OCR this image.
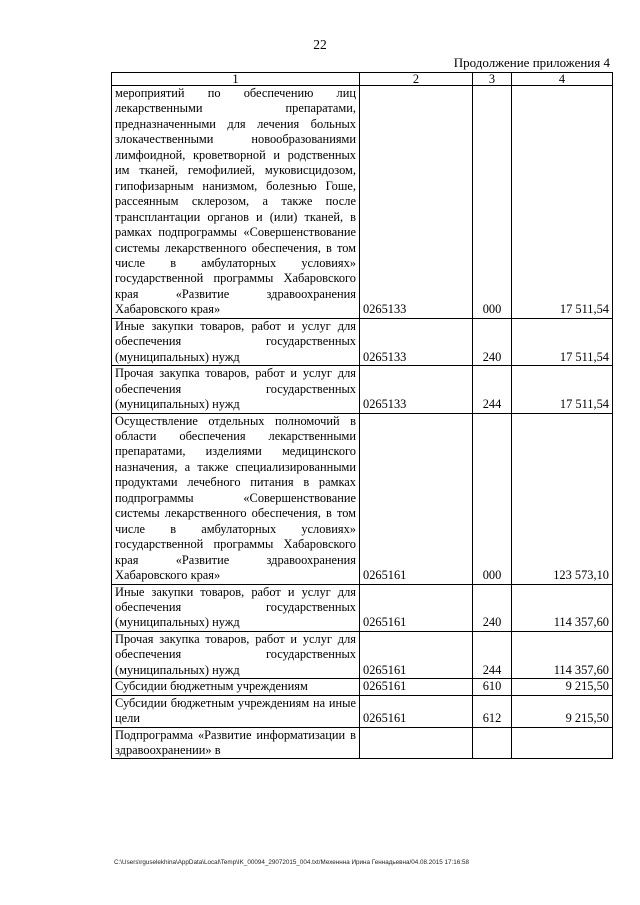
22
Продолжение приложения 4
1	2	3	4
мероприятий по обеспечению лиц лекарственными препаратами, предназначенными для лечения больных злокачественными новообразованиями лимфоидной, кроветворной и родственных им тканей, гемофилией, муковисцидозом, гипофизарным нанизмом, болезнью Гоше, рассеянным склерозом, а также после трансплантации органов и (или) тканей, в рамках подпрограммы «Совершенствование системы лекарственного обеспечения, в том числе в амбулаторных условиях» государственной программы Хабаровского края «Развитие здравоохранения Хабаровского края»	0265133	000	17 511,54
Иные закупки товаров, работ и услуг для обеспечения государственных (муниципальных) нужд	0265133	240	17 511,54
Прочая закупка товаров, работ и услуг для обеспечения государственных (муниципальных) нужд	0265133	244	17 511,54
Осуществление отдельных полномочий в области обеспечения лекарственными препаратами, изделиями медицинского назначения, а также специализированными продуктами лечебного питания в рамках подпрограммы «Совершенствование системы лекарственного обеспечения, в том числе в амбулаторных условиях» государственной программы Хабаровского края «Развитие здравоохранения Хабаровского края»	0265161	000	123 573,10
Иные закупки товаров, работ и услуг для обеспечения государственных (муниципальных) нужд	0265161	240	114 357,60
Прочая закупка товаров, работ и услуг для обеспечения государственных (муниципальных) нужд	0265161	244	114 357,60
Субсидии бюджетным учреждениям	0265161	610	9 215,50
Субсидии бюджетным учреждениям на иные цели	0265161	612	9 215,50
Подпрограмма «Развитие информатизации в здравоохранении» в			
C:\Users\rguselekhina\AppData\Local\Temp\IK_00094_29072015_004.txt/Мехеннна Ирина Геннадьевна/04.08.2015 17:16:58
